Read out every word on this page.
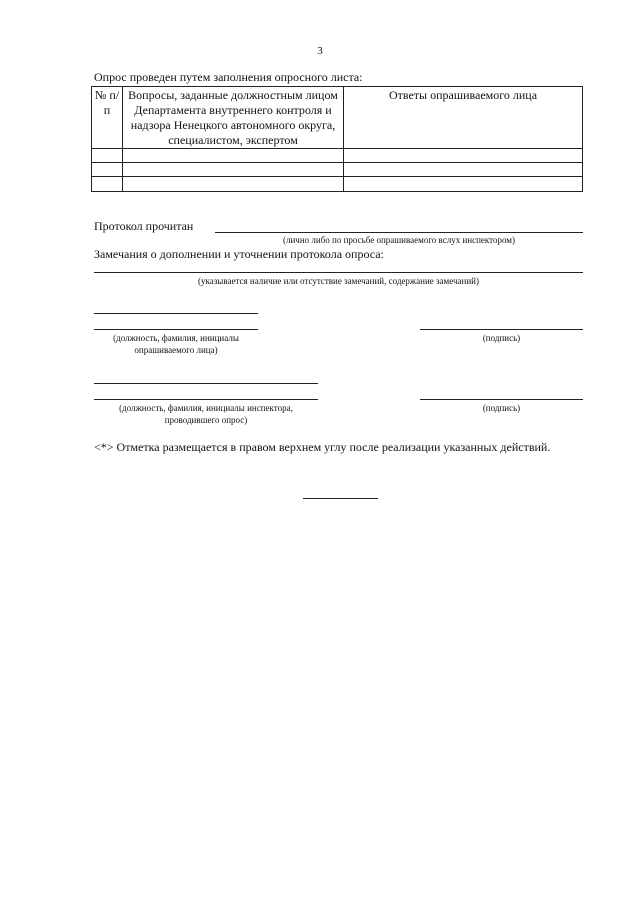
3
Опрос проведен путем заполнения опросного листа:
№ п/п	Вопросы, заданные должностным лицом Департамента внутреннего контроля и надзора Ненецкого автономного округа, специалистом, экспертом	Ответы опрашиваемого лица

Протокол прочитан
(лично либо по просьбе опрашиваемого вслух инспектором)
Замечания о дополнении и уточнении протокола опроса:
(указывается наличие или отсутствие замечаний, содержание замечаний)
(должность, фамилия, инициалы
опрашиваемого лица)
(подпись)
(должность, фамилия, инициалы инспектора,
проводившего опрос)
(подпись)
<*> Отметка размещается в правом верхнем углу после реализации указанных действий.
